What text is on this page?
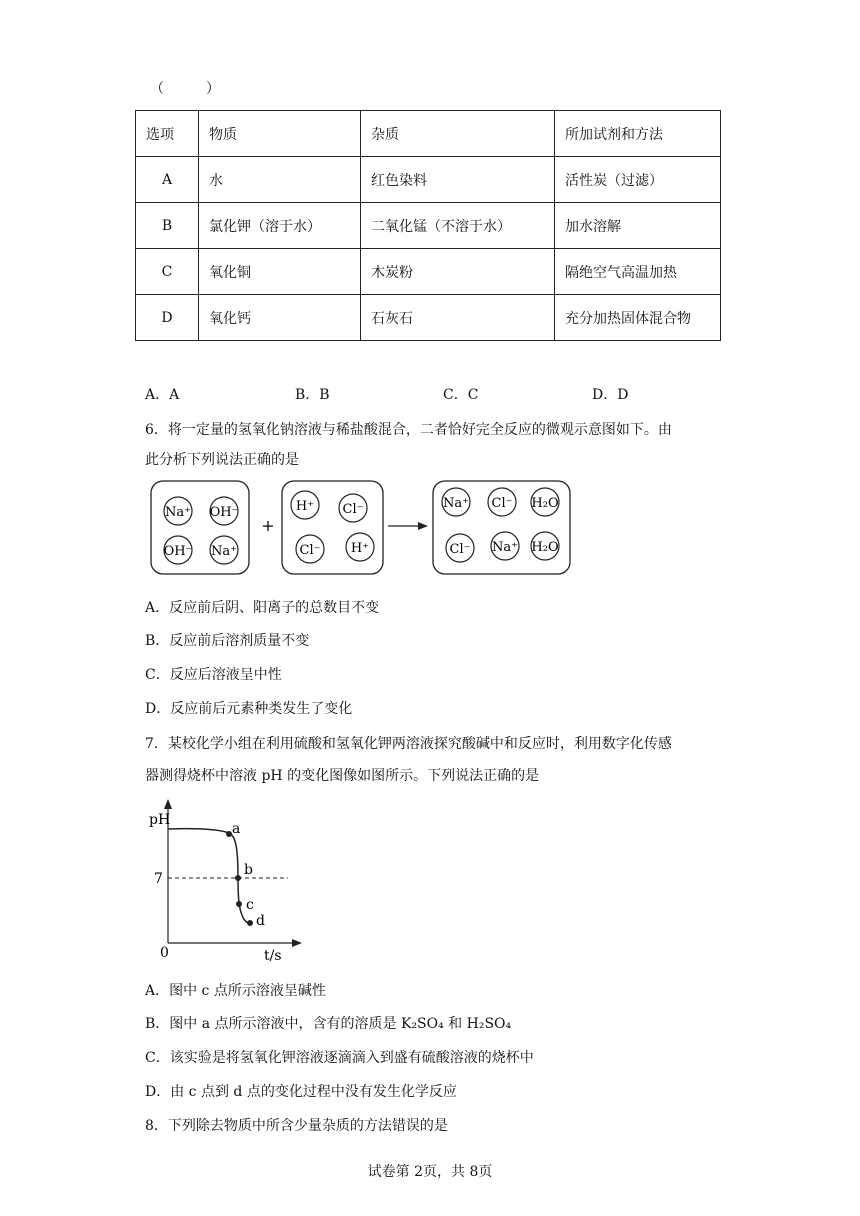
（　　　）
选项	物质	杂质	所加试剂和方法
A	水	红色染料	活性炭（过滤）
B	氯化钾（溶于水）	二氧化锰（不溶于水）	加水溶解
C	氧化铜	木炭粉	隔绝空气高温加热
D	氧化钙	石灰石	充分加热固体混合物
A．A	B．B	C．C	D．D
6．将一定量的氢氧化钠溶液与稀盐酸混合，二者恰好完全反应的微观示意图如下。由
此分析下列说法正确的是
+
Na⁺ OH⁻
OH⁻ Na⁺
H⁺ Cl⁻
Cl⁻ H⁺
Na⁺ Cl⁻ H₂O
Cl⁻ Na⁺ H₂O
A．反应前后阴、阳离子的总数目不变
B．反应前后溶剂质量不变
C．反应后溶液呈中性
D．反应前后元素种类发生了变化
7．某校化学小组在利用硫酸和氢氧化钾两溶液探究酸碱中和反应时，利用数字化传感
器测得烧杯中溶液 pH 的变化图像如图所示。下列说法正确的是
a
b
c
d
pH
7
0	t/s
A．图中 c 点所示溶液呈碱性
B．图中 a 点所示溶液中，含有的溶质是 K₂SO₄ 和 H₂SO₄
C．该实验是将氢氧化钾溶液逐滴滴入到盛有硫酸溶液的烧杯中
D．由 c 点到 d 点的变化过程中没有发生化学反应
8．下列除去物质中所含少量杂质的方法错误的是
试卷第 2页，共 8页
